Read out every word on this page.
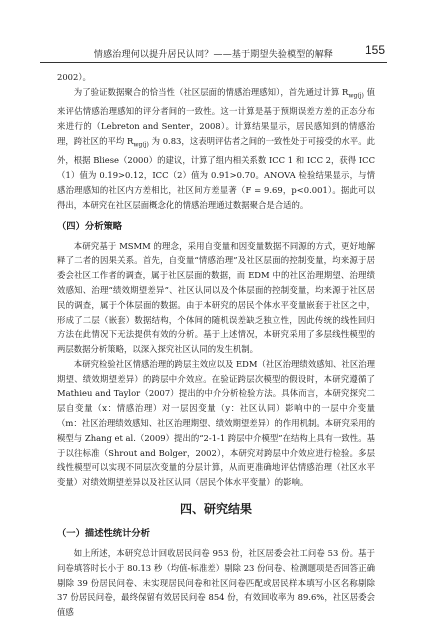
情感治理何以提升居民认同？——基于期望失验模型的解释	155

2002）。

为了验证数据聚合的恰当性（社区层面的情感治理感知），首先通过计算 $R_{wg(j)}$ 值来评估情感治理感知的评分者间的一致性。这一计算是基于预期误差方差的正态分布来进行的（Lebreton and Senter，2008）。计算结果显示，居民感知到的情感治理，跨社区的平均 $R_{wg(j)}$ 为 0.83，这表明评估者之间的一致性处于可接受的水平。此外，根据 Bliese（2000）的建议，计算了组内相关系数 ICC 1 和 ICC 2，获得 ICC（1）值为 0.19>0.12，ICC（2）值为 0.91>0.70。ANOVA 检验结果显示，与情感治理感知的社区内方差相比，社区间方差显著（F = 9.69，p<0.001）。据此可以得出，本研究在社区层面概念化的情感治理通过数据聚合是合适的。

（四）分析策略

本研究基于 MSMM 的理念，采用自变量和因变量数据不同源的方式，更好地解释了二者的因果关系。首先，自变量“情感治理”及社区层面的控制变量，均来源于居委会社区工作者的调查，属于社区层面的数据，而 EDM 中的社区治理期望、治理绩效感知、治理“绩效期望差异”、社区认同以及个体层面的控制变量，均来源于社区居民的调查，属于个体层面的数据。由于本研究的居民个体水平变量嵌套于社区之中，形成了二层（嵌套）数据结构，个体间的随机误差缺乏独立性，因此传统的线性回归方法在此情况下无法提供有效的分析。基于上述情况，本研究采用了多层线性模型的两层数据分析策略，以深入探究社区认同的发生机制。

本研究检验社区情感治理的跨层主效应以及 EDM（社区治理绩效感知、社区治理期望、绩效期望差异）的跨层中介效应。在验证跨层次模型的假设时，本研究遵循了 Mathieu and Taylor（2007）提出的中介分析检验方法。具体而言，本研究探究二层自变量（x：情感治理）对一层因变量（y：社区认同）影响中的一层中介变量（m：社区治理绩效感知、社区治理期望、绩效期望差异）的作用机制。本研究采用的模型与 Zhang et al.（2009）提出的“2-1-1 跨层中介模型”在结构上具有一致性。基于以往标准（Shrout and Bolger，2002），本研究对跨层中介效应进行检验。多层线性模型可以实现不同层次变量的分层计算，从而更准确地评估情感治理（社区水平变量）对绩效期望差异以及社区认同（居民个体水平变量）的影响。

四、研究结果
（一）描述性统计分析

如上所述，本研究总计回收居民问卷 953 份，社区居委会社工问卷 53 份。基于问卷填答时长小于 80.13 秒（均值-标准差）剔除 23 份问卷、检测题项是否回答正确剔除 39 份居民问卷、未实现居民问卷和社区问卷匹配或居民样本填写小区名称剔除 37 份居民问卷，最终保留有效居民问卷 854 份，有效回收率为 89.6%，社区居委会值感
